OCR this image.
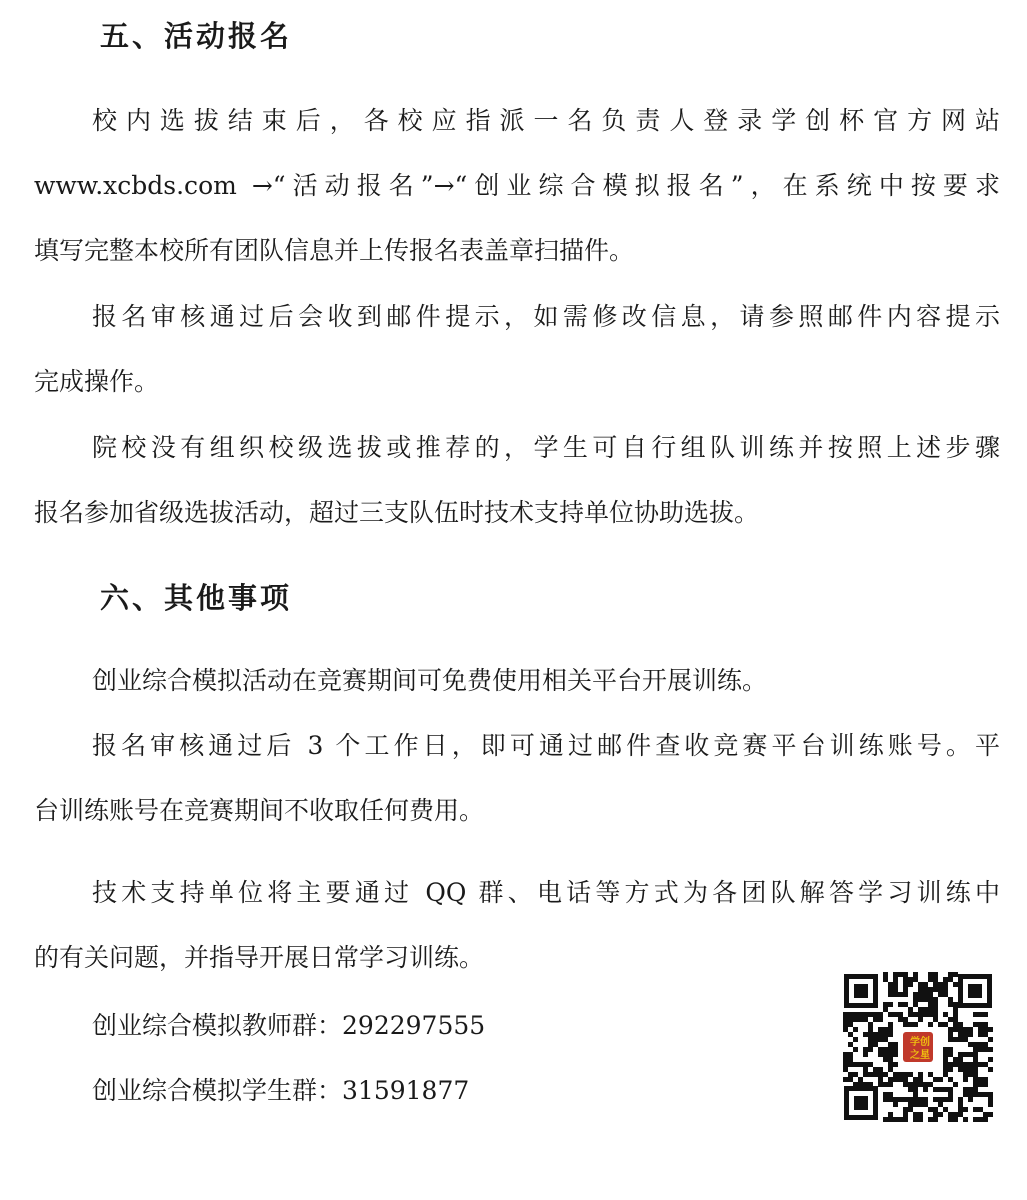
五、活动报名
校内选拔结束后，各校应指派一名负责人登录学创杯官方网站
www.xcbds.com →“活动报名”→“创业综合模拟报名”，在系统中按要求
填写完整本校所有团队信息并上传报名表盖章扫描件。
报名审核通过后会收到邮件提示，如需修改信息，请参照邮件内容提示
完成操作。
院校没有组织校级选拔或推荐的，学生可自行组队训练并按照上述步骤
报名参加省级选拔活动，超过三支队伍时技术支持单位协助选拔。
六、其他事项
创业综合模拟活动在竞赛期间可免费使用相关平台开展训练。
报名审核通过后 3 个工作日，即可通过邮件查收竞赛平台训练账号。平
台训练账号在竞赛期间不收取任何费用。
技术支持单位将主要通过 QQ 群、电话等方式为各团队解答学习训练中
的有关问题，并指导开展日常学习训练。
创业综合模拟教师群：292297555
创业综合模拟学生群：31591877
学 创
之 星
